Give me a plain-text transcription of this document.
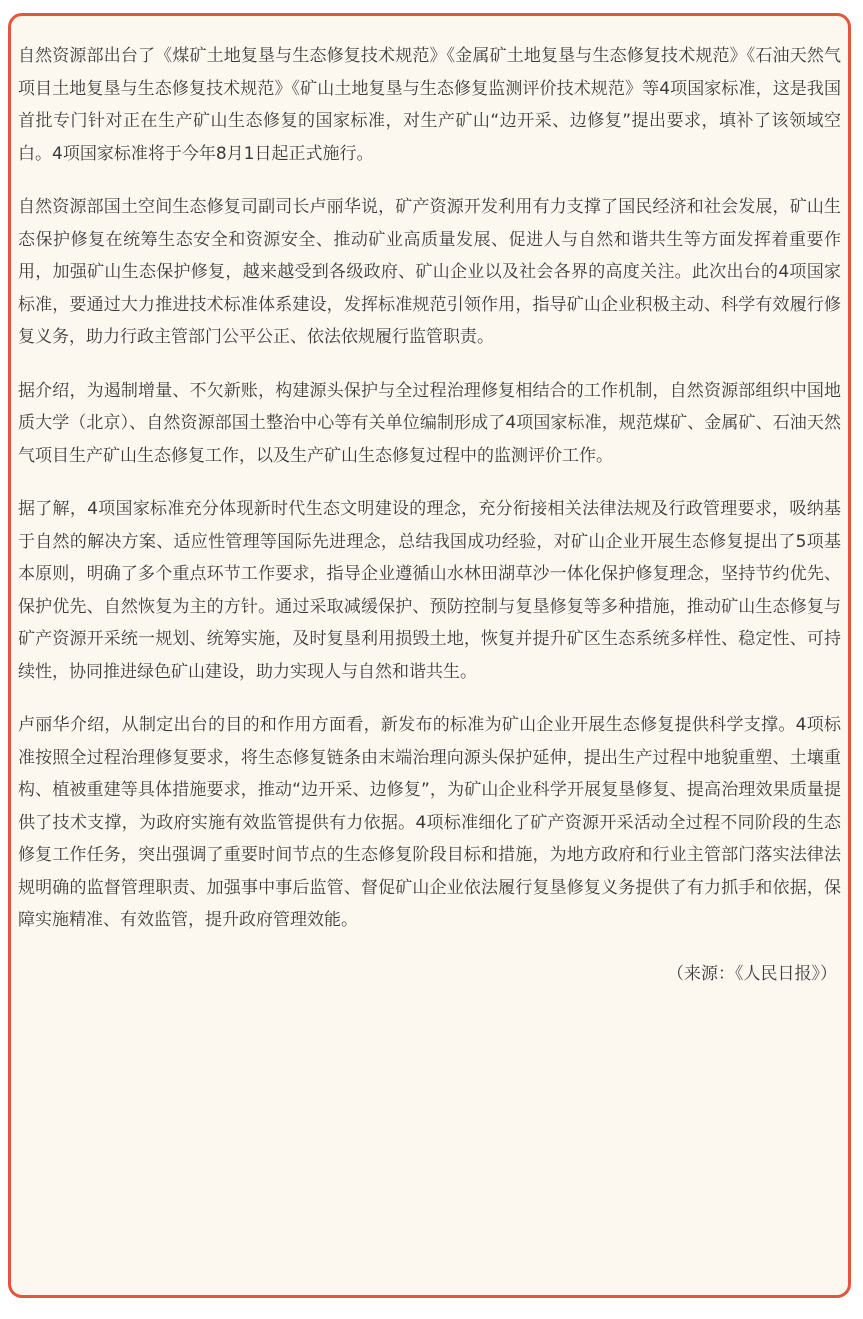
自然资源部出台了《煤矿土地复垦与生态修复技术规范》《金属矿土地复垦与生态修复技术规范》《石油天然气项目土地复垦与生态修复技术规范》《矿山土地复垦与生态修复监测评价技术规范》等4项国家标准，这是我国首批专门针对正在生产矿山生态修复的国家标准，对生产矿山“边开采、边修复”提出要求，填补了该领域空白。4项国家标准将于今年8月1日起正式施行。

自然资源部国土空间生态修复司副司长卢丽华说，矿产资源开发利用有力支撑了国民经济和社会发展，矿山生态保护修复在统筹生态安全和资源安全、推动矿业高质量发展、促进人与自然和谐共生等方面发挥着重要作用，加强矿山生态保护修复，越来越受到各级政府、矿山企业以及社会各界的高度关注。此次出台的4项国家标准，要通过大力推进技术标准体系建设，发挥标准规范引领作用，指导矿山企业积极主动、科学有效履行修复义务，助力行政主管部门公平公正、依法依规履行监管职责。

据介绍，为遏制增量、不欠新账，构建源头保护与全过程治理修复相结合的工作机制，自然资源部组织中国地质大学（北京）、自然资源部国土整治中心等有关单位编制形成了4项国家标准，规范煤矿、金属矿、石油天然气项目生产矿山生态修复工作，以及生产矿山生态修复过程中的监测评价工作。

据了解，4项国家标准充分体现新时代生态文明建设的理念，充分衔接相关法律法规及行政管理要求，吸纳基于自然的解决方案、适应性管理等国际先进理念，总结我国成功经验，对矿山企业开展生态修复提出了5项基本原则，明确了多个重点环节工作要求，指导企业遵循山水林田湖草沙一体化保护修复理念，坚持节约优先、保护优先、自然恢复为主的方针。通过采取减缓保护、预防控制与复垦修复等多种措施，推动矿山生态修复与矿产资源开采统一规划、统筹实施，及时复垦利用损毁土地，恢复并提升矿区生态系统多样性、稳定性、可持续性，协同推进绿色矿山建设，助力实现人与自然和谐共生。

卢丽华介绍，从制定出台的目的和作用方面看，新发布的标准为矿山企业开展生态修复提供科学支撑。4项标准按照全过程治理修复要求，将生态修复链条由末端治理向源头保护延伸，提出生产过程中地貌重塑、土壤重构、植被重建等具体措施要求，推动“边开采、边修复”，为矿山企业科学开展复垦修复、提高治理效果质量提供了技术支撑，为政府实施有效监管提供有力依据。4项标准细化了矿产资源开采活动全过程不同阶段的生态修复工作任务，突出强调了重要时间节点的生态修复阶段目标和措施，为地方政府和行业主管部门落实法律法规明确的监督管理职责、加强事中事后监管、督促矿山企业依法履行复垦修复义务提供了有力抓手和依据，保障实施精准、有效监管，提升政府管理效能。

（来源：《人民日报》）
